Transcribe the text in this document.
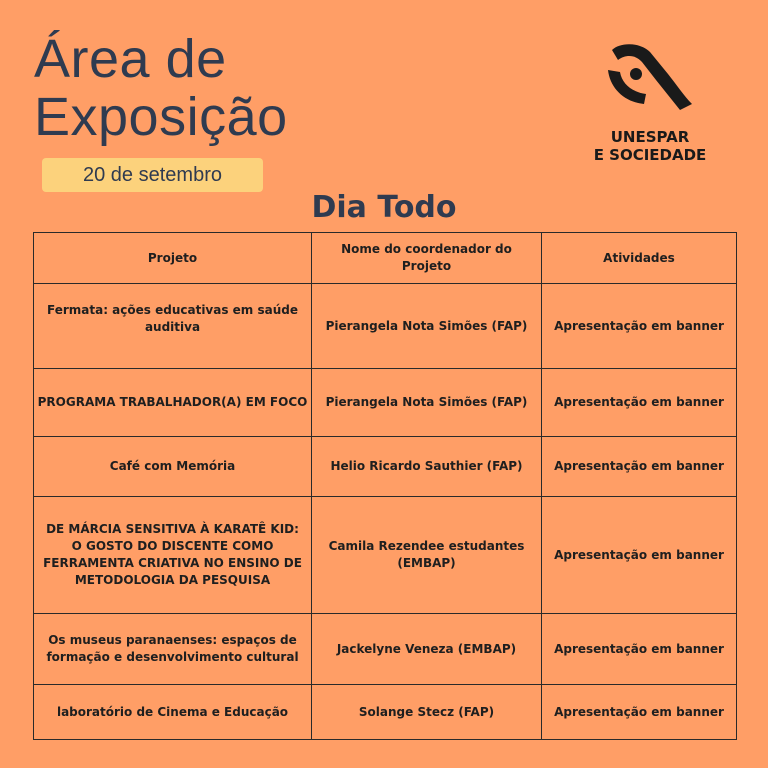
Área de
Exposição
20 de setembro
UNESPAR
E SOCIEDADE
Dia Todo
Projeto	Nome do coordenador do Projeto	Atividades
Fermata: ações educativas em saúde auditiva	Pierangela Nota Simões (FAP)	Apresentação em banner
PROGRAMA TRABALHADOR(A) EM FOCO	Pierangela Nota Simões (FAP)	Apresentação em banner
Café com Memória	Helio Ricardo Sauthier (FAP)	Apresentação em banner
DE MÁRCIA SENSITIVA À KARATÊ KID: O GOSTO DO DISCENTE COMO FERRAMENTA CRIATIVA NO ENSINO DE METODOLOGIA DA PESQUISA	Camila Rezendee estudantes (EMBAP)	Apresentação em banner
Os museus paranaenses: espaços de formação e desenvolvimento cultural	Jackelyne Veneza (EMBAP)	Apresentação em banner
laboratório de Cinema e Educação	Solange Stecz (FAP)	Apresentação em banner
